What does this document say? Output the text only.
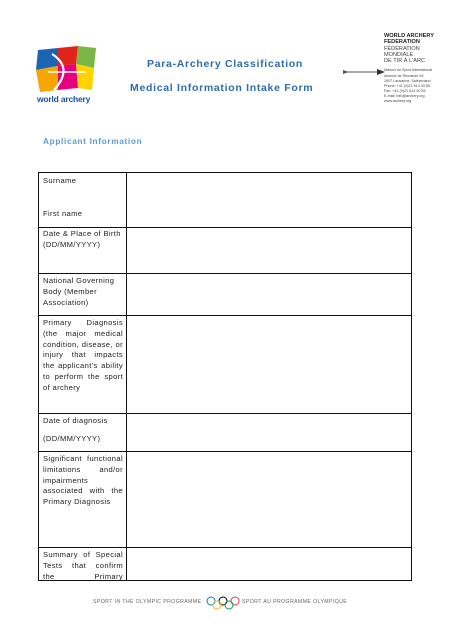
world archery
Para-Archery Classification
Medical Information Intake Form
WORLD ARCHERY
FEDERATION
FÉDÉRATION
MONDIALE
DE TIR À L'ARC
Maison du Sport International
Avenue de Rhodanie 54
1007 Lausanne, Switzerland
Phone: +41 (0)21 614 30 50
Fax: +41 (0)21 614 30 55
E-mail: info@archery.org
www.archery.org
Applicant Information
Surname
First name
Date & Place of Birth (DD/MM/YYYY)
National Governing Body (Member Association)
Primary Diagnosis
(the major medical
condition, disease, or
injury that impacts
the applicant's ability
to perform the sport
of archery
Date of diagnosis
(DD/MM/YYYY)
Significant functional
limitations and/or
impairments
associated with the
Primary Diagnosis
Summary of Special
Tests that confirm
the Primary
SPORT IN THE OLYMPIC PROGRAMME	SPORT AU PROGRAMME OLYMPIQUE
